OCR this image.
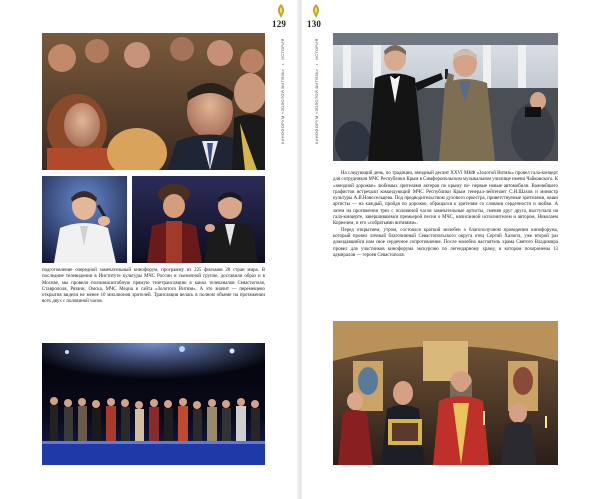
подготовление очередной замечательный кинофорум, программу из 225 фильмов 28 стран мира. В последние телевидении в Институте культуры МЧС России и съемочной группе, доставили образ и в Москве, мы провели полномасштабную прямую телетрансляцию в канал телеканалов Севастополя, Ставрополя, Рязани, Омска, МЧС Медиа и сайта «Золотого Витязя». А это значит — перемещено открытия видели не менее 10 миллионов зрителей. Трансляция велась в полном объеме на протяжении всех двух с половиной часов.

129
КИНОФОРУМ «ЗОЛОТОЙ ВИТЯЗЬ» • ИСТОРИЯ
130
КИНОФОРУМ «ЗОЛОТОЙ ВИТЯЗЬ» • ИСТОРИЯ

На следующий день, по традиции, звездный десант XXVI МКФ «Золотой Витязь» провел гала-концерт для сотрудников МЧС Республики Крым в Симферопольском музыкальном училище имени Чайковского. К «звездной дорожке» любимых зрителями актеров по крыму пе- первые новые автомобили. Важнейшего графистов встречали командующий МЧС Республики Крым генерал-лейтенант С.Н.Шахов и министр культуры А.В.Новосельцева. Под предводительством духового оркестра, приветствуемые зрителями, наши артисты — на каждый, пройдя по дорожке, обращался к зрителям со словами сердечности и любви. А затем на протяжении трех с половиной часов замечательные артисты, сменяя друг друга, выступали на гала-концерте, завершившемся премьерой песни о МЧС, написанной исполнителем и автором, Николаем Корнелем, и его «собратьями витязями».

Перед открытием, утром, состоялся краткий молебен о благополучном проведении кинофорума, который провел личный благочинный Севастопольского округа отец Сергий Халюта, уже второй раз дожидавшийся нам свое сердечное сопротивление. После молебна настоятель храма Святого Владимира провел для участников кинофорума экскурсию по легендарному храму, в котором похоронены 13 адмиралов — героев Севастополя.
